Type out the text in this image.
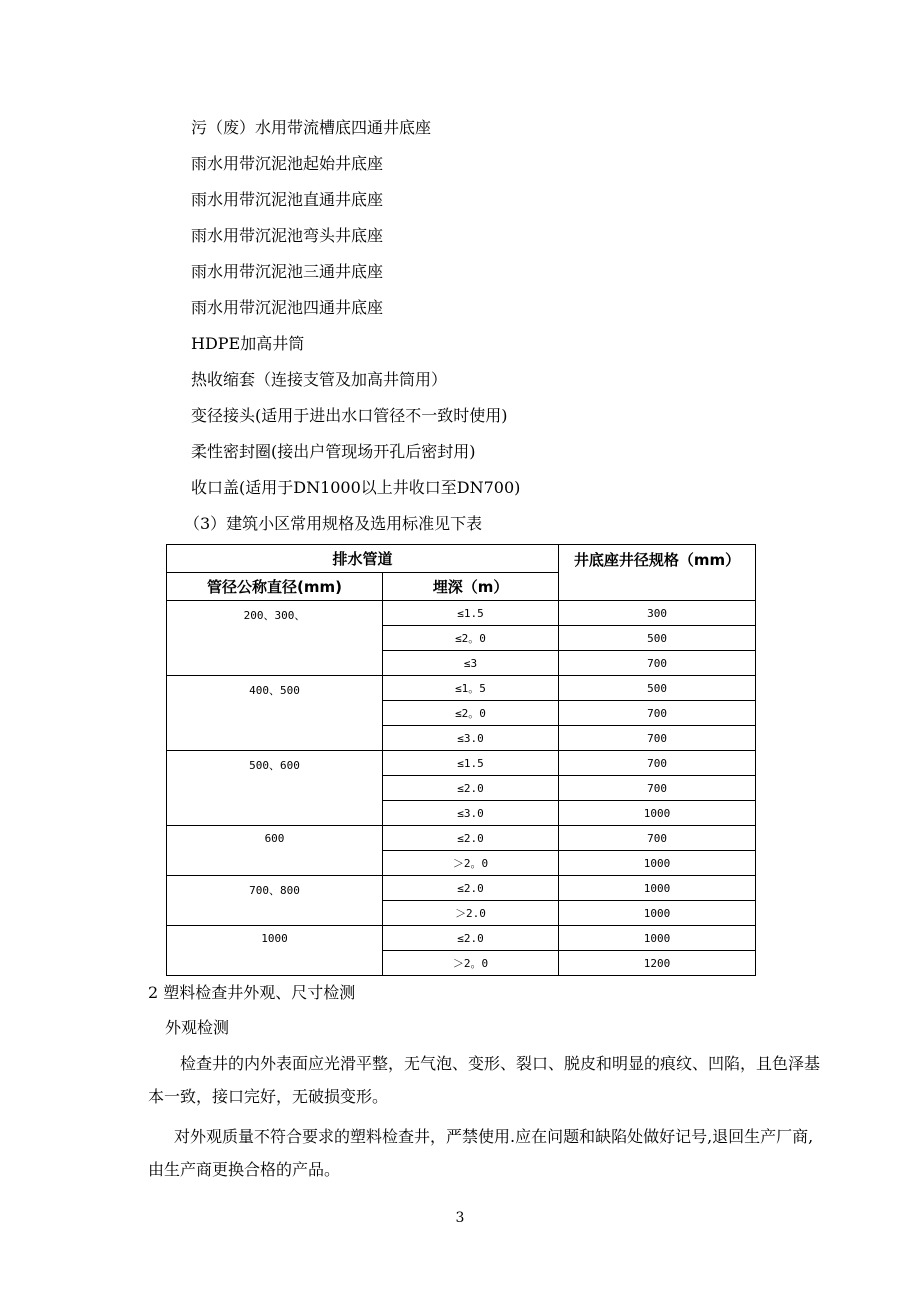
污（废）水用带流槽底四通井底座
雨水用带沉泥池起始井底座
雨水用带沉泥池直通井底座
雨水用带沉泥池弯头井底座
雨水用带沉泥池三通井底座
雨水用带沉泥池四通井底座
HDPE加高井筒
热收缩套（连接支管及加高井筒用）
变径接头(适用于进出水口管径不一致时使用)
柔性密封圈(接出户管现场开孔后密封用)
收口盖(适用于DN1000以上井收口至DN700)
（3）建筑小区常用规格及选用标准见下表
排水管道		井底座井径规格（mm）
管径公称直径(mm)	埋深（m）	
200、300、	≤1.5	300
	≤2。0	500
	≤3	700
400、500	≤1。5	500
	≤2。0	700
	≤3.0	700
500、600	≤1.5	700
	≤2.0	700
	≤3.0	1000
600	≤2.0	700
	＞2。0	1000
700、800	≤2.0	1000
	＞2.0	1000
1000	≤2.0	1000
	＞2。0	1200
2 塑料检查井外观、尺寸检测
外观检测
检查井的内外表面应光滑平整，无气泡、变形、裂口、脱皮和明显的痕纹、凹陷，且色泽基本一致，接口完好，无破损变形。
对外观质量不符合要求的塑料检查井，严禁使用.应在问题和缺陷处做好记号,退回生产厂商,由生产商更换合格的产品。
3
